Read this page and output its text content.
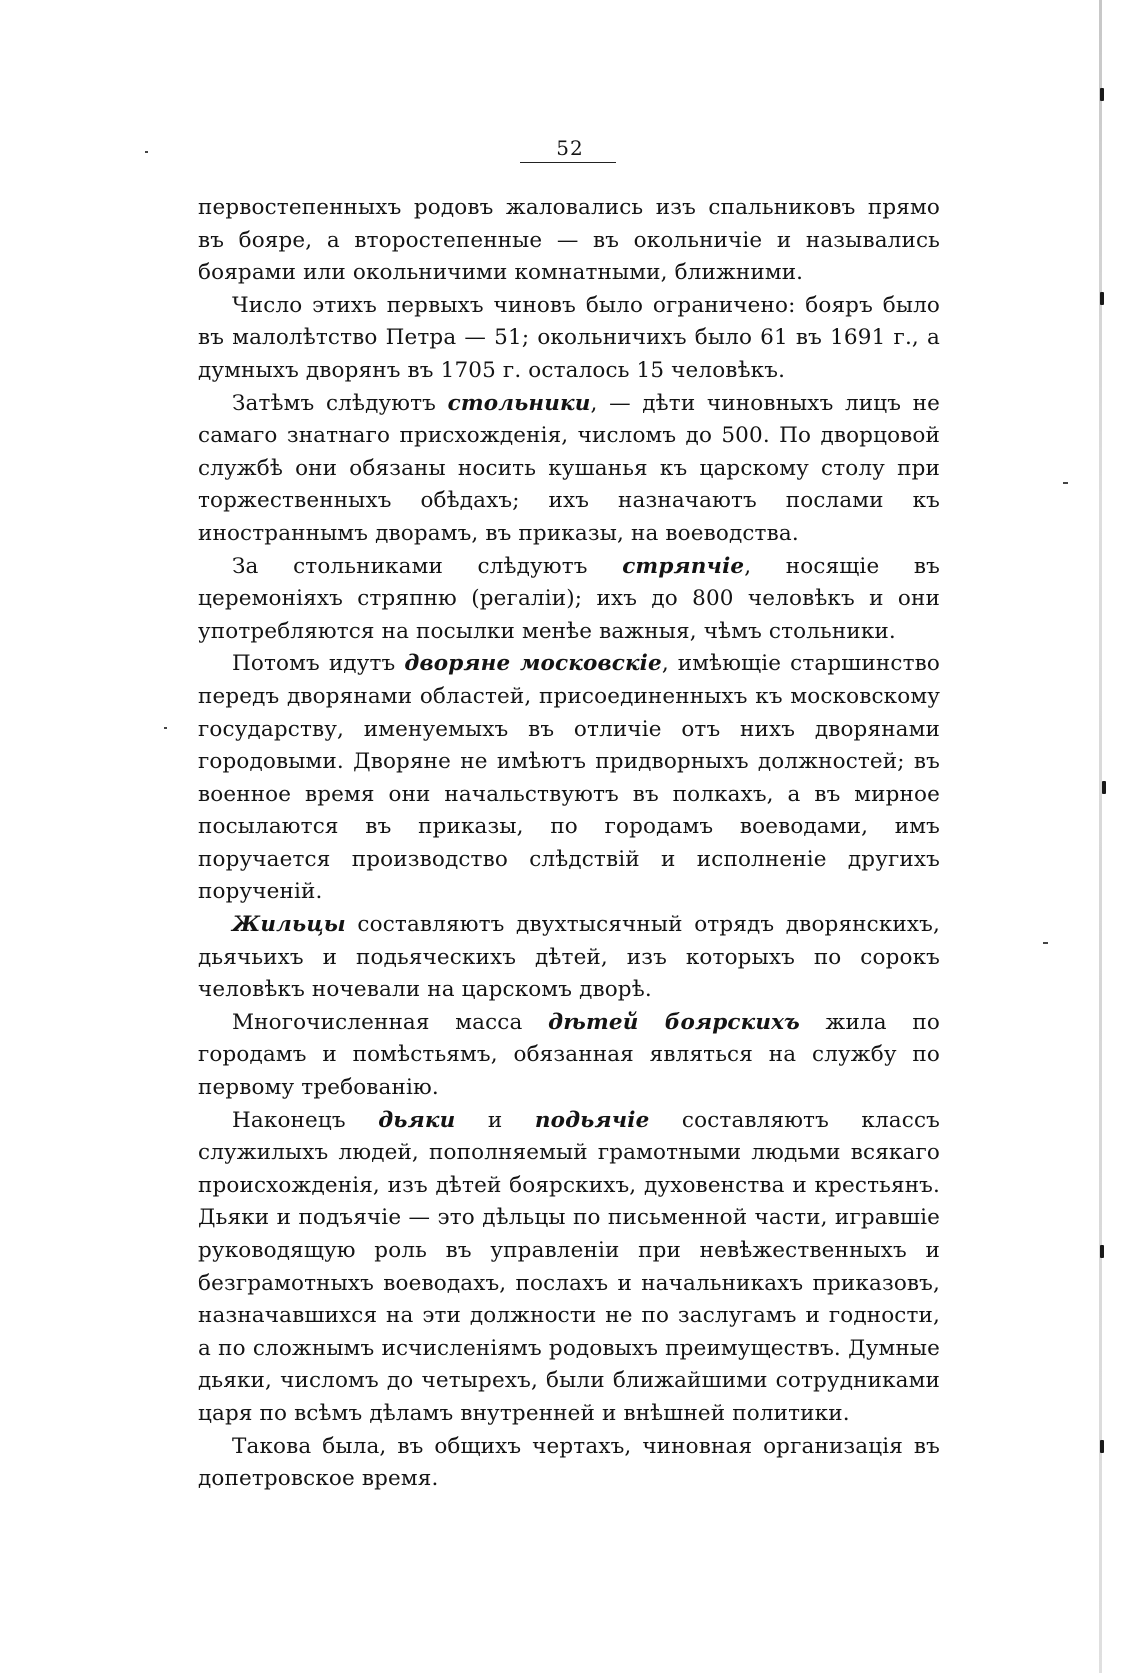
52

первостепенныхъ родовъ жаловались изъ спальниковъ прямо въ бояре, а второстепенные — въ окольничіе и назывались боярами или окольничими комнатными, ближними.

Число этихъ первыхъ чиновъ было ограничено: бояръ было въ малолѣтство Петра — 51; окольничихъ было 61 въ 1691 г., а думныхъ дворянъ въ 1705 г. осталось 15 человѣкъ.

Затѣмъ слѣдуютъ стольники, — дѣти чиновныхъ лицъ не самаго знатнаго присхожденія, числомъ до 500. По дворцовой службѣ они обязаны носить кушанья къ царскому столу при торжественныхъ обѣдахъ; ихъ назначаютъ послами къ иностраннымъ дворамъ, въ приказы, на воеводства.

За стольниками слѣдуютъ стряпчіе, носящіе въ церемоніяхъ стряпню (регаліи); ихъ до 800 человѣкъ и они употребляются на посылки менѣе важныя, чѣмъ стольники.

Потомъ идутъ дворяне московскіе, имѣющіе старшинство передъ дворянами областей, присоединенныхъ къ московскому государству, именуемыхъ въ отличіе отъ нихъ дворянами городовыми. Дворяне не имѣютъ придворныхъ должностей; въ военное время они начальствуютъ въ полкахъ, а въ мирное посылаются въ приказы, по городамъ воеводами, имъ поручается производство слѣдствій и исполненіе другихъ порученій.

Жильцы составляютъ двухтысячный отрядъ дворянскихъ, дьячьихъ и подьяческихъ дѣтей, изъ которыхъ по сорокъ человѣкъ ночевали на царскомъ дворѣ.

Многочисленная масса дѣтей боярскихъ жила по городамъ и помѣстьямъ, обязанная являться на службу по первому требованію.

Наконецъ дьяки и подьячіе составляютъ классъ служилыхъ людей, пополняемый грамотными людьми всякаго происхожденія, изъ дѣтей боярскихъ, духовенства и крестьянъ. Дьяки и подъячіе — это дѣльцы по письменной части, игравшіе руководящую роль въ управленіи при невѣжественныхъ и безграмотныхъ воеводахъ, послахъ и начальникахъ приказовъ, назначавшихся на эти должности не по заслугамъ и годности, а по сложнымъ исчисленіямъ родовыхъ преимуществъ. Думные дьяки, числомъ до четырехъ, были ближайшими сотрудниками царя по всѣмъ дѣламъ внутренней и внѣшней политики.

Такова была, въ общихъ чертахъ, чиновная организація въ допетровское время.
